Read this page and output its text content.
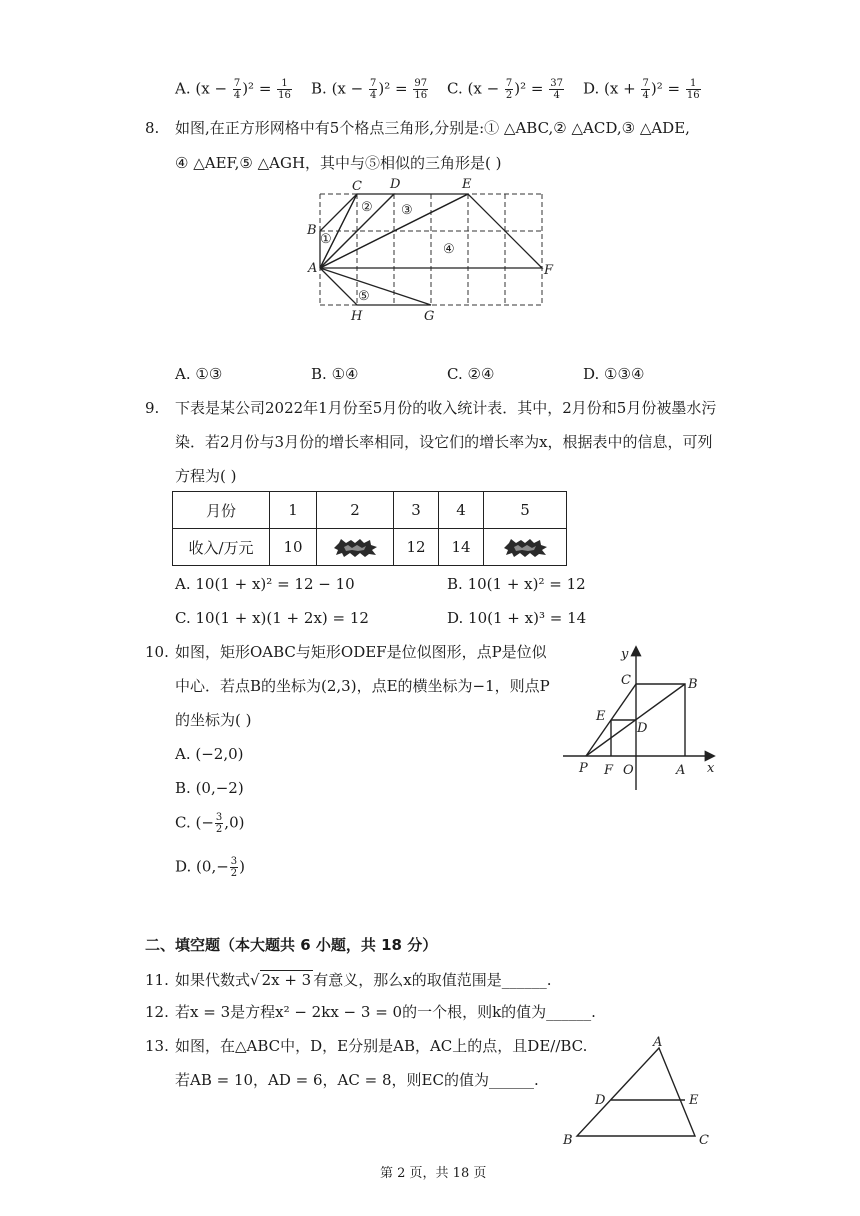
A. $(x - \frac{7}{4} )^2 = \frac{1}{16} B$. $(x - \frac{7}{4} )^2 = \frac{97}{16} C$. $(x - \frac{7}{2} )^2 = \frac{37}{4} D$. $(x + \frac{7}{4} )^2 = \frac{1}{16}$
8. 如图,在正方形网格中有5个格点三角形,分别是:① △ABC,② △ACD,③ △ADE,
④ △AEF,⑤ △AGH，其中与⑤相似的三角形是( )
A
B
C D	E
F
G
H
①
② ③
④
⑤
A. ①③	B. ①④	C. ②④	D. ①③④
9. 下表是某公司2022年1月份至5月份的收入统计表．其中，2月份和5月份被墨水污
染．若2月份与3月份的增长率相同，设它们的增长率为x，根据表中的信息，可列
方程为( )
月份	1	2	3	4	5
收入/万元	10		12	14	
A. 10(1 + x)² = 12 − 10	B. 10(1 + x)² = 12
C. 10(1 + x)(1 + 2x) = 12	D. 10(1 + x)³ = 14
10. 如图，矩形OABC与矩形ODEF是位似图形，点P是位似
中心．若点B的坐标为(2,3)，点E的横坐标为−1，则点P
的坐标为( )
A. (−2,0)
B. (0,−2)
C. (− $\frac{3}{2} ,0$)
D. ($0,- \frac{3}{2}$ )
y
x
C	B
E
D
P F O	A
二、填空题（本大题共 6 小题，共 18 分）
11. 如果代数式√ 2x + 3 有意义，那么x的取值范围是______.
12. 若x = 3是方程x² − 2kx − 3 = 0的一个根，则k的值为______.
13. 如图，在△ABC中，D，E分别是AB，AC上的点，且DE//BC.
若AB = 10，AD = 6，AC = 8，则EC的值为______.
A
B	C
D	E
第 2 页，共 18 页
